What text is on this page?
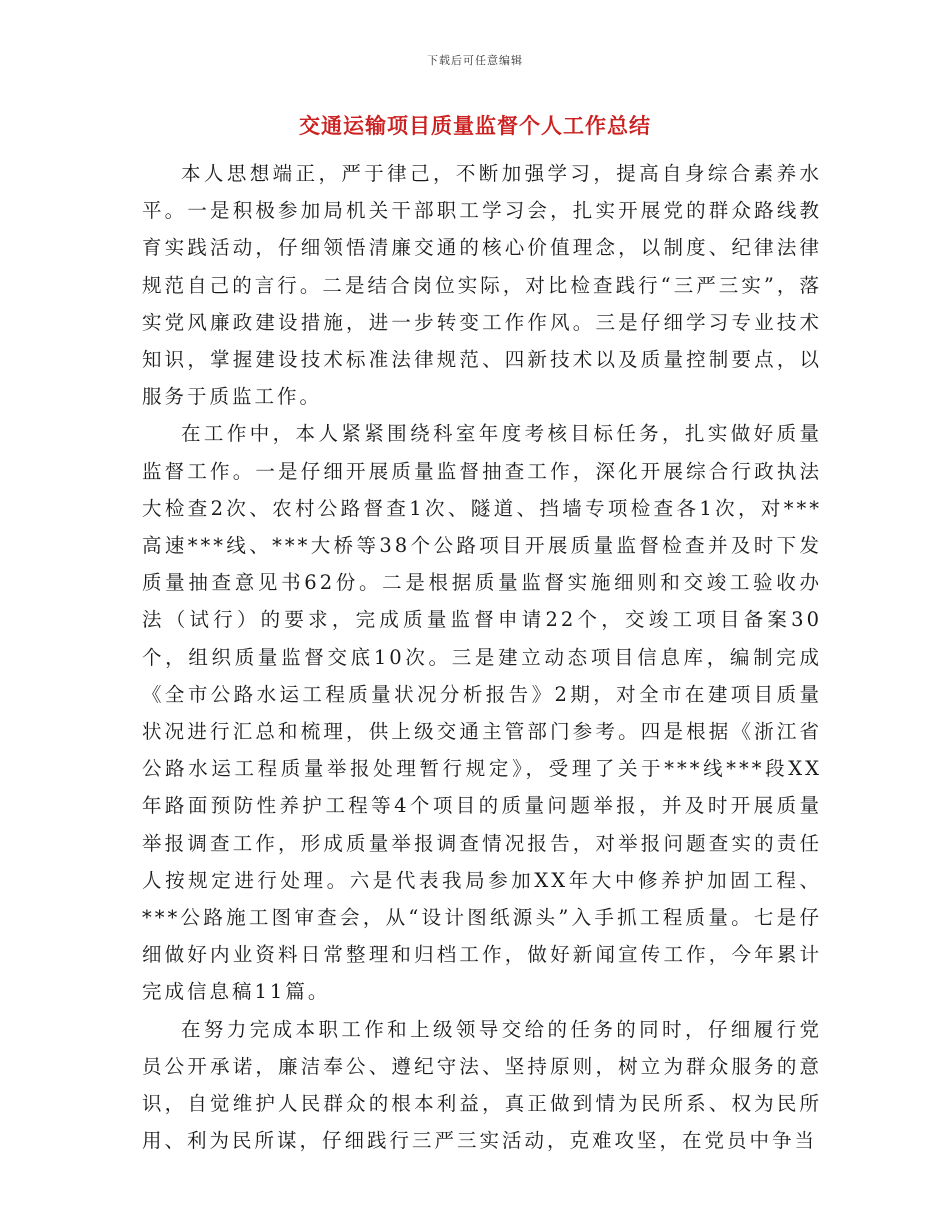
下载后可任意编辑
交通运输项目质量监督个人工作总结

本人思想端正，严于律己，不断加强学习，提高自身综合素养水平。一是积极参加局机关干部职工学习会，扎实开展党的群众路线教育实践活动，仔细领悟清廉交通的核心价值理念，以制度、纪律法律规范自己的言行。二是结合岗位实际，对比检查践行“三严三实”，落实党风廉政建设措施，进一步转变工作作风。三是仔细学习专业技术知识，掌握建设技术标准法律规范、四新技术以及质量控制要点，以服务于质监工作。

在工作中，本人紧紧围绕科室年度考核目标任务，扎实做好质量监督工作。一是仔细开展质量监督抽查工作，深化开展综合行政执法大检查2次、农村公路督查1次、隧道、挡墙专项检查各1次，对***高速***线、***大桥等38个公路项目开展质量监督检查并及时下发质量抽查意见书62份。二是根据质量监督实施细则和交竣工验收办法（试行）的要求，完成质量监督申请22个，交竣工项目备案30个，组织质量监督交底10次。三是建立动态项目信息库，编制完成《全市公路水运工程质量状况分析报告》2期，对全市在建项目质量状况进行汇总和梳理，供上级交通主管部门参考。四是根据《浙江省公路水运工程质量举报处理暂行规定》，受理了关于***线***段XX年路面预防性养护工程等4个项目的质量问题举报，并及时开展质量举报调查工作，形成质量举报调查情况报告，对举报问题查实的责任人按规定进行处理。六是代表我局参加XX年大中修养护加固工程、***公路施工图审查会，从“设计图纸源头”入手抓工程质量。七是仔细做好内业资料日常整理和归档工作，做好新闻宣传工作，今年累计完成信息稿11篇。

在努力完成本职工作和上级领导交给的任务的同时，仔细履行党员公开承诺，廉洁奉公、遵纪守法、坚持原则，树立为群众服务的意识，自觉维护人民群众的根本利益，真正做到情为民所系、权为民所用、利为民所谋，仔细践行三严三实活动，克难攻坚，在党员中争当
